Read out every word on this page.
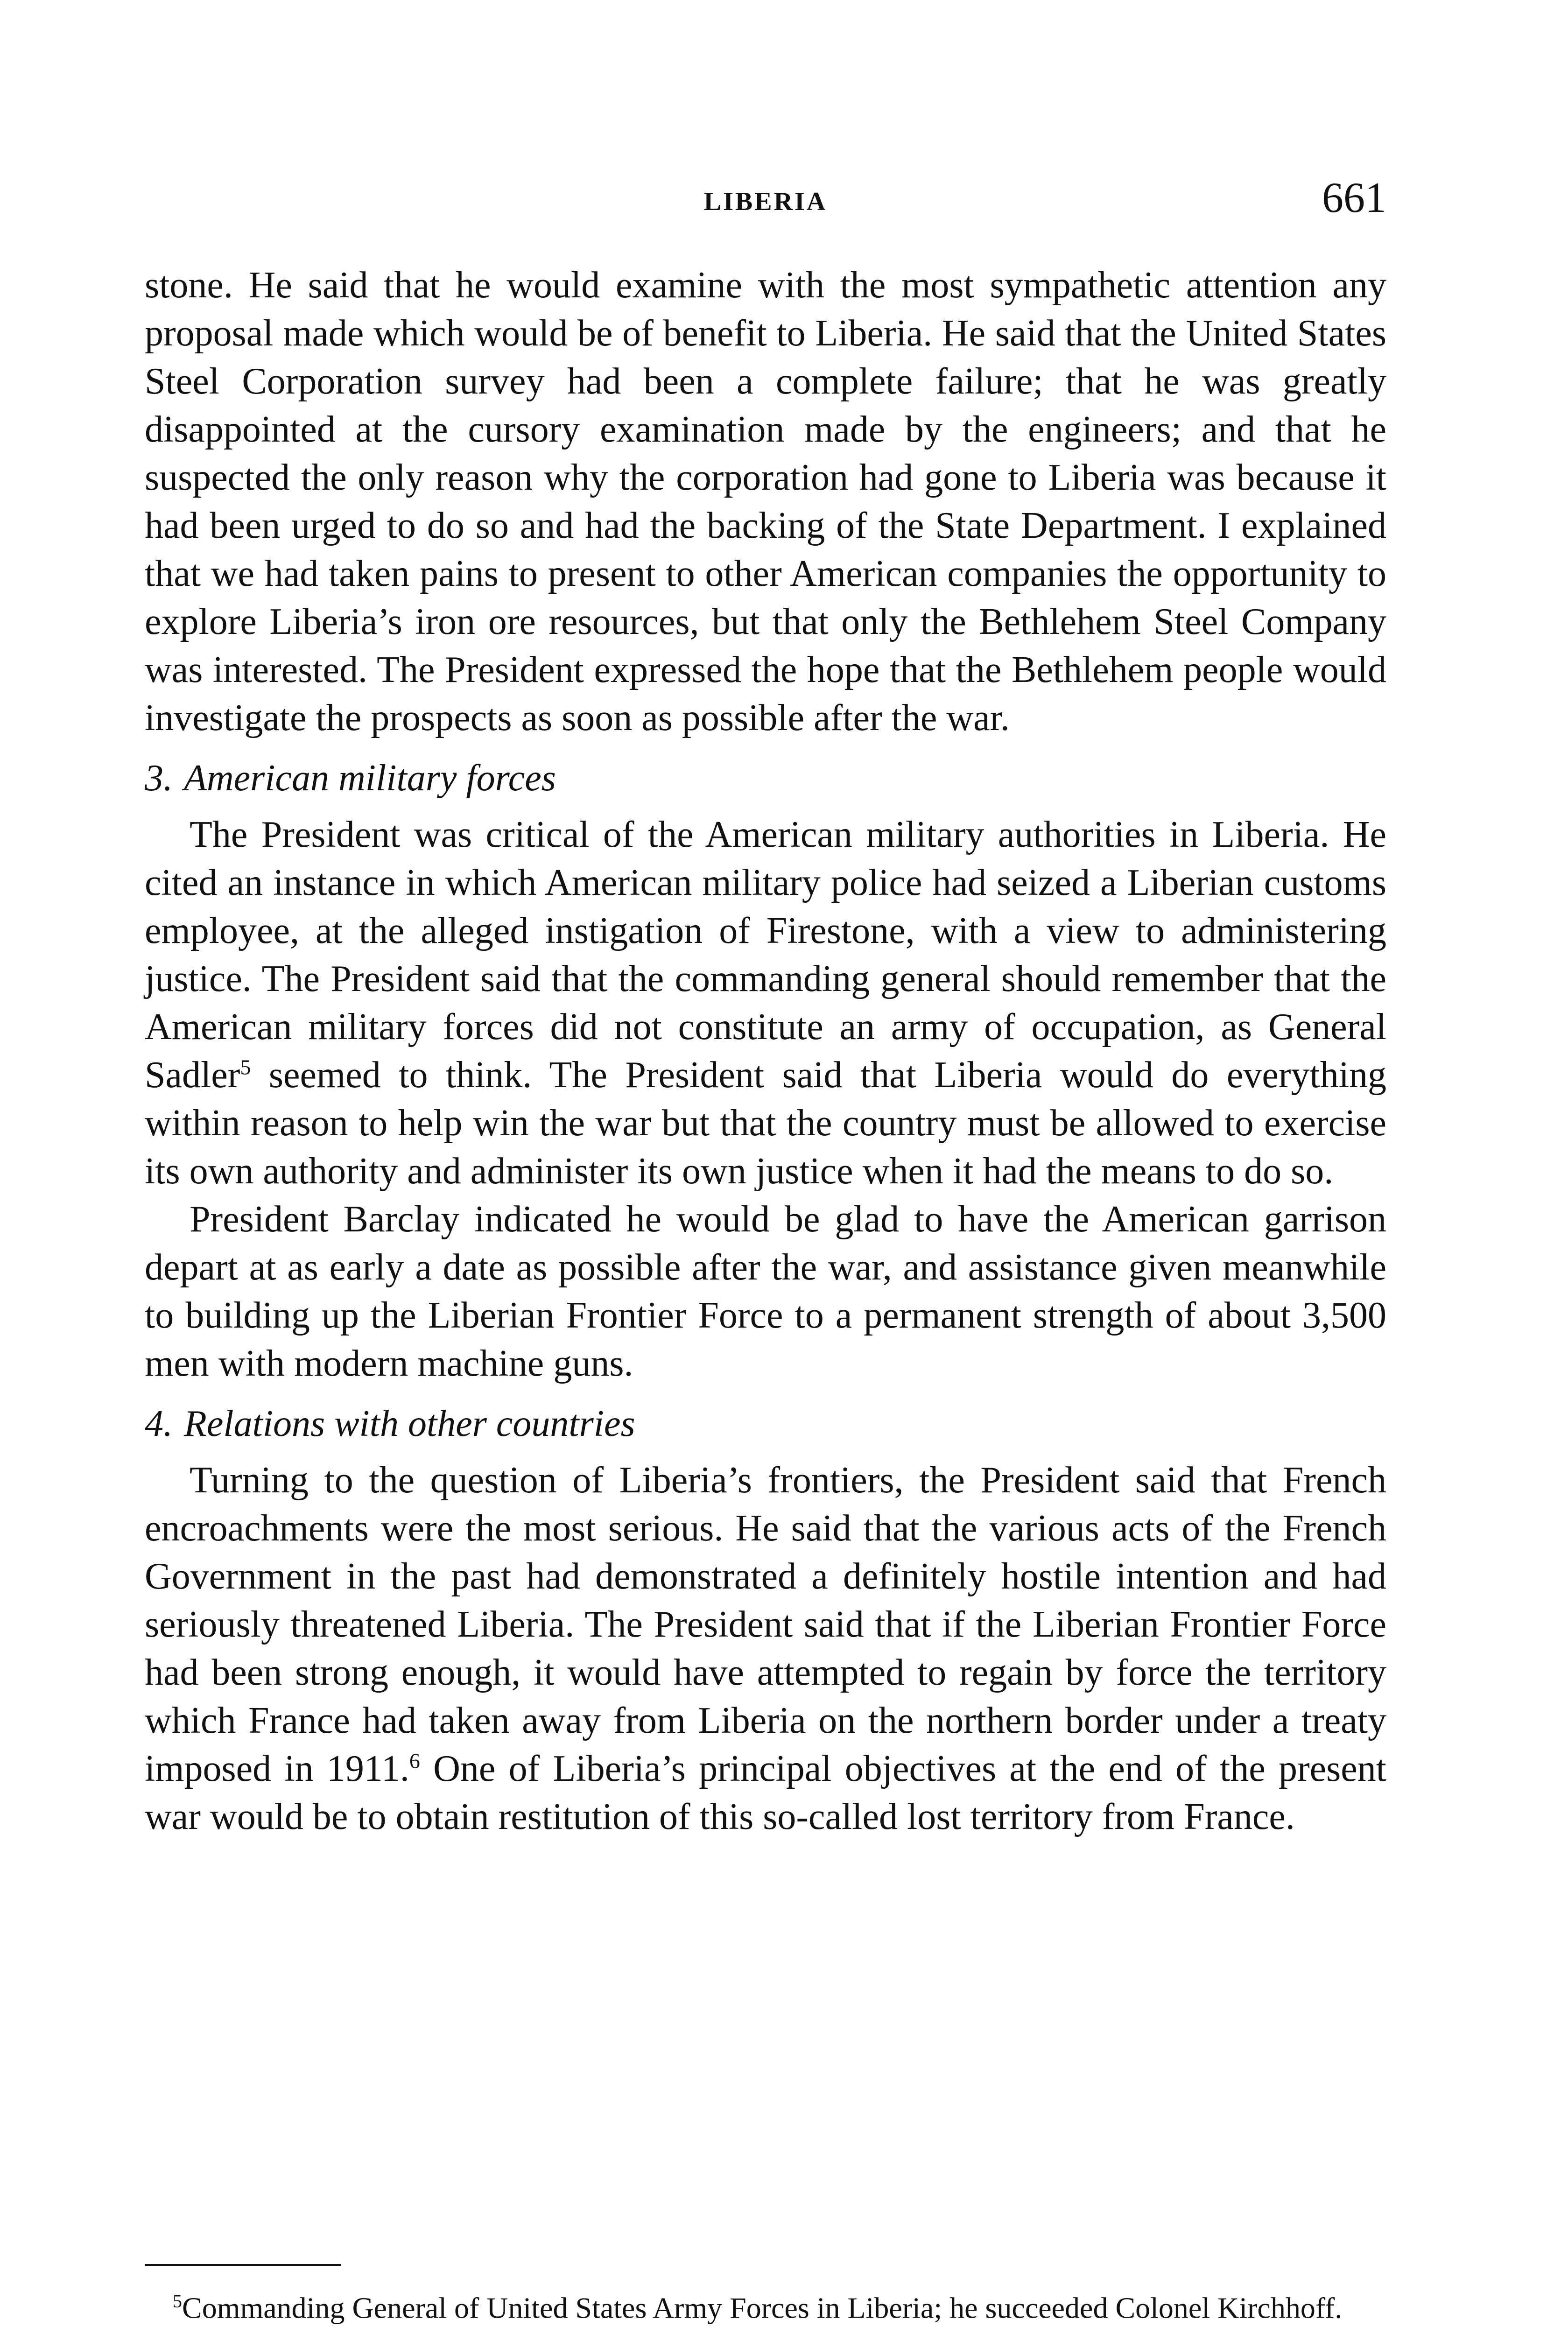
LIBERIA	661

stone. He said that he would examine with the most sympathetic attention any proposal made which would be of benefit to Liberia. He said that the United States Steel Corporation survey had been a complete failure; that he was greatly disappointed at the cursory examination made by the engineers; and that he suspected the only reason why the corporation had gone to Liberia was because it had been urged to do so and had the backing of the State Department. I explained that we had taken pains to present to other American companies the opportunity to explore Liberia’s iron ore resources, but that only the Bethlehem Steel Company was interested. The President expressed the hope that the Bethlehem people would investigate the prospects as soon as possible after the war.

3. American military forces

The President was critical of the American military authorities in Liberia. He cited an instance in which American military police had seized a Liberian customs employee, at the alleged instigation of Firestone, with a view to administering justice. The President said that the commanding general should remember that the American military forces did not constitute an army of occupation, as General Sadler$^5$ seemed to think. The President said that Liberia would do everything within reason to help win the war but that the country must be allowed to exercise its own authority and administer its own justice when it had the means to do so.

President Barclay indicated he would be glad to have the American garrison depart at as early a date as possible after the war, and assistance given meanwhile to building up the Liberian Frontier Force to a permanent strength of about 3,500 men with modern machine guns.

4. Relations with other countries

Turning to the question of Liberia’s frontiers, the President said that French encroachments were the most serious. He said that the various acts of the French Government in the past had demonstrated a definitely hostile intention and had seriously threatened Liberia. The President said that if the Liberian Frontier Force had been strong enough, it would have attempted to regain by force the territory which France had taken away from Liberia on the northern border under a treaty imposed in 1911.$^6$ One of Liberia’s principal objectives at the end of the present war would be to obtain restitution of this so-called lost territory from France.

$^5$Commanding General of United States Army Forces in Liberia; he succeeded Colonel Kirchhoff.
